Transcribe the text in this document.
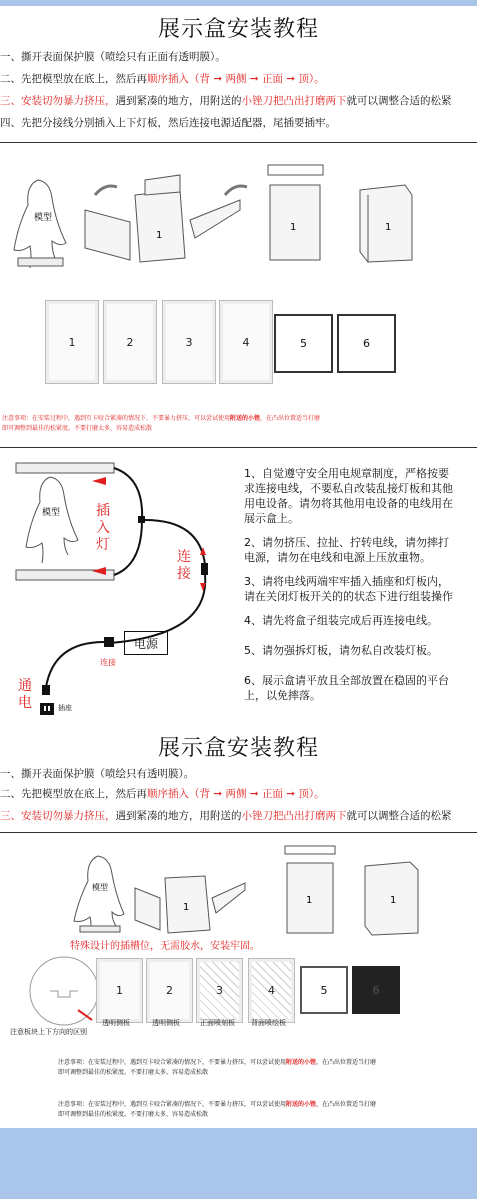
展示盒安装教程
一、撕开表面保护膜（喷绘只有正面有透明膜）。
二、先把模型放在底上，然后再顺序插入（背 ➞ 两侧 ➞ 正面 ➞ 顶）。
三、安装切勿暴力挤压，遇到紧凑的地方，用附送的小锉刀把凸出打磨两下就可以调整合适的松紧
四、先把分接线分别插入上下灯板，然后连接电源适配器，尾插要插牢。
模型
1
1	1
1	2	3	4	5	6
注意事项：在安装过程中，遇到互卡咬合紧凑的情况下，不要暴力挤压，可以尝试使用附送的小锉，在凸出位置适当打磨
即可调整到最佳的松紧度。不要打磨太多，容易造成松散
模型	插
入
灯
连
接
电源
连接
通
电	插座
1、自觉遵守安全用电规章制度，严格按要
求连接电线，不要私自改装乱接灯板和其他
用电设备。请勿将其他用电设备的电线用在
展示盒上。
2、请勿挤压、拉扯、拧转电线，请勿摔打
电源，请勿在电线和电源上压放重物。
3、请将电线两端牢牢插入插座和灯板内，
请在关闭灯板开关的的状态下进行组装操作
4、请先将盒子组装完成后再连接电线。
5、请勿强拆灯板，请勿私自改装灯板。
6、展示盒请平放且全部放置在稳固的平台
上，以免摔落。
展示盒安装教程
一、撕开表面保护膜（喷绘只有透明膜）。
二、先把模型放在底上，然后再顺序插入（背 ➞ 两侧 ➞ 正面 ➞ 顶）。
三、安装切勿暴力挤压，遇到紧凑的地方，用附送的小锉刀把凸出打磨两下就可以调整合适的松紧
模型
1
1	1
特殊设计的插槽位，无需胶水，安装牢固。
注意板块上下方向的区别
1	2	3	4	5	6
透明侧板	透明侧板	正面喷刻板 背面喷绘板
注意事项：在安装过程中，遇到互卡咬合紧凑的情况下，不要暴力挤压，可以尝试使用附送的小锉，在凸出位置适当打磨
即可调整到最佳的松紧度。不要打磨太多，容易造成松散
注意事项：在安装过程中，遇到互卡咬合紧凑的情况下，不要暴力挤压，可以尝试使用附送的小锉，在凸出位置适当打磨
即可调整到最佳的松紧度。不要打磨太多，容易造成松散
